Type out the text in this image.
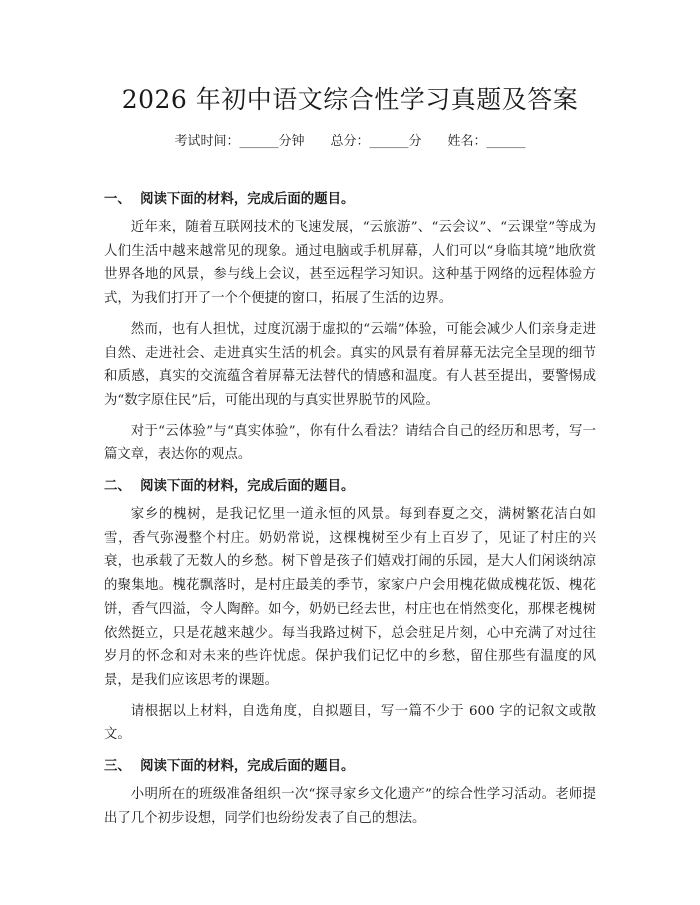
2026 年初中语文综合性学习真题及答案
考试时间：______分钟 总分：______分 姓名：______
一、  阅读下面的材料，完成后面的题目。

近年来，随着互联网技术的飞速发展，“云旅游”、“云会议”、“云课堂”等成为人们生活中越来越常见的现象。通过电脑或手机屏幕，人们可以“身临其境”地欣赏世界各地的风景，参与线上会议，甚至远程学习知识。这种基于网络的远程体验方式，为我们打开了一个个便捷的窗口，拓展了生活的边界。

然而，也有人担忧，过度沉溺于虚拟的“云端”体验，可能会减少人们亲身走进自然、走进社会、走进真实生活的机会。真实的风景有着屏幕无法完全呈现的细节和质感，真实的交流蕴含着屏幕无法替代的情感和温度。有人甚至提出，要警惕成为“数字原住民”后，可能出现的与真实世界脱节的风险。

对于“云体验”与“真实体验”，你有什么看法？请结合自己的经历和思考，写一篇文章，表达你的观点。

二、  阅读下面的材料，完成后面的题目。

家乡的槐树，是我记忆里一道永恒的风景。每到春夏之交，满树繁花洁白如雪，香气弥漫整个村庄。奶奶常说，这棵槐树至少有上百岁了，见证了村庄的兴衰，也承载了无数人的乡愁。树下曾是孩子们嬉戏打闹的乐园，是大人们闲谈纳凉的聚集地。槐花飘落时，是村庄最美的季节，家家户户会用槐花做成槐花饭、槐花饼，香气四溢，令人陶醉。如今，奶奶已经去世，村庄也在悄然变化，那棵老槐树依然挺立，只是花越来越少。每当我路过树下，总会驻足片刻，心中充满了对过往岁月的怀念和对未来的些许忧虑。保护我们记忆中的乡愁，留住那些有温度的风景，是我们应该思考的课题。

请根据以上材料，自选角度，自拟题目，写一篇不少于 600 字的记叙文或散文。

三、  阅读下面的材料，完成后面的题目。

小明所在的班级准备组织一次“探寻家乡文化遗产”的综合性学习活动。老师提出了几个初步设想，同学们也纷纷发表了自己的想法。
